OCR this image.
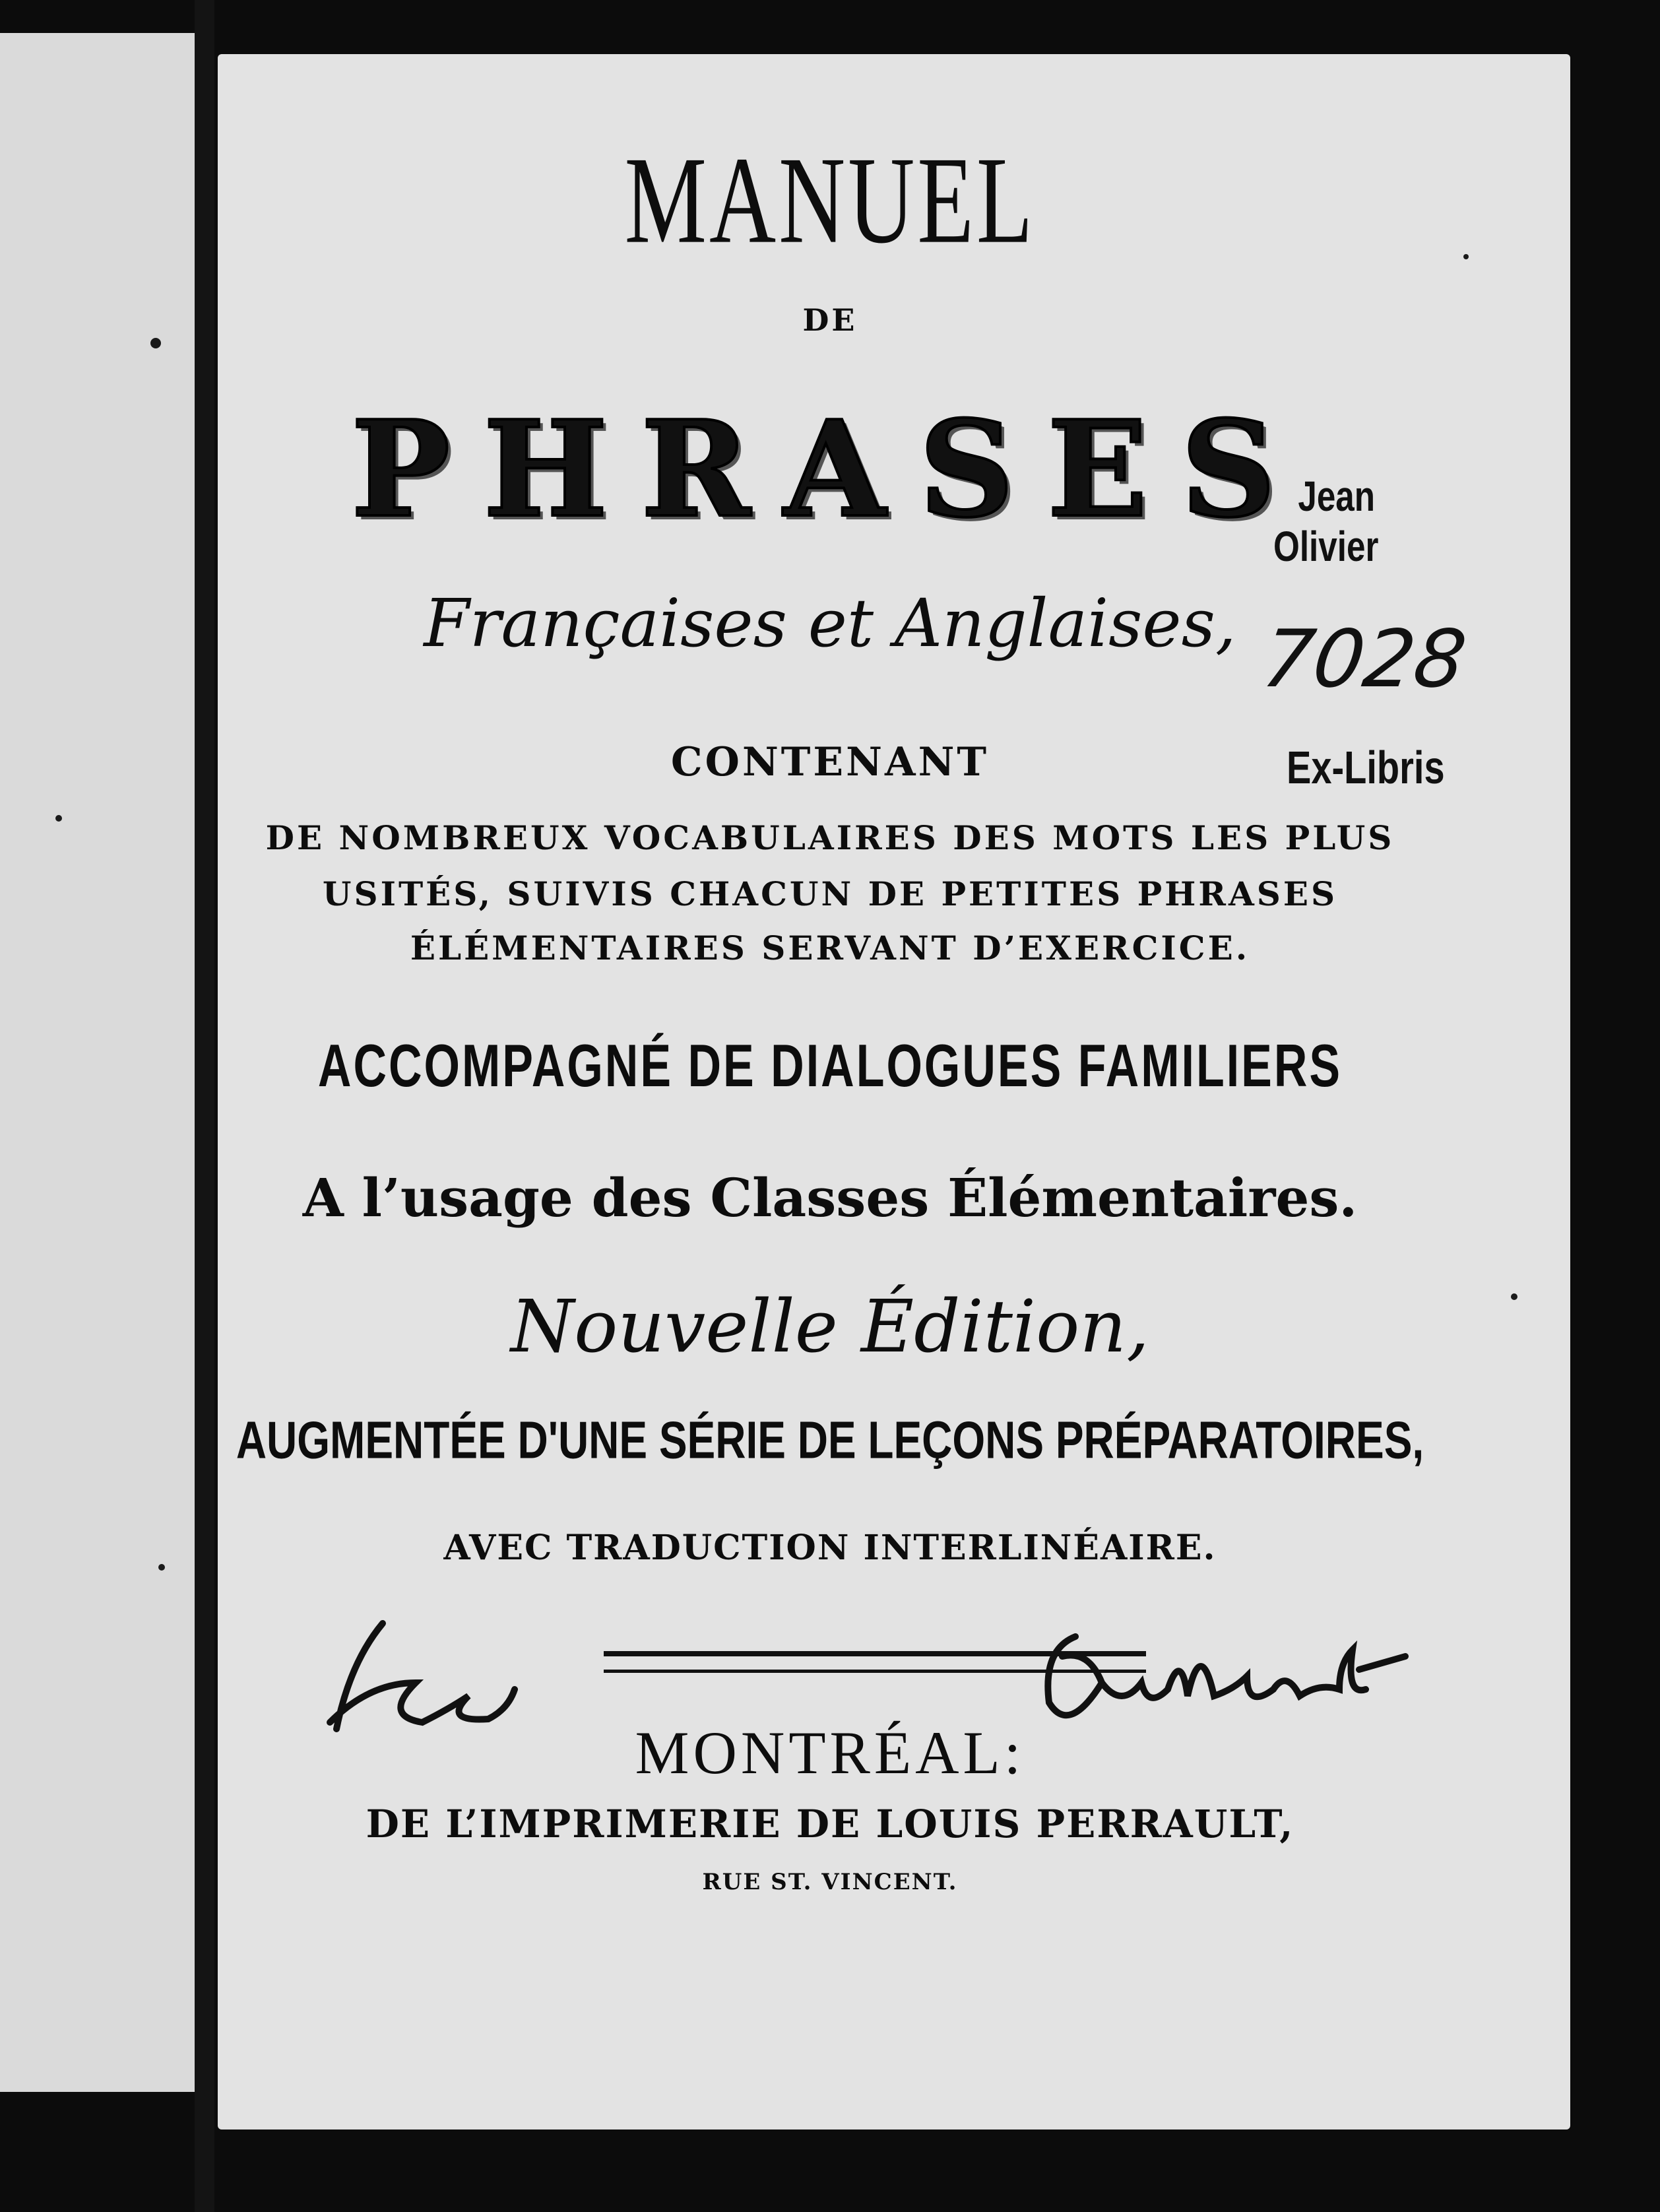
MANUEL
DE
PHRASES
Françaises et Anglaises,
CONTENANT
DE NOMBREUX VOCABULAIRES DES MOTS LES PLUS
USITÉS, SUIVIS CHACUN DE PETITES PHRASES
ÉLÉMENTAIRES SERVANT D’EXERCICE.
ACCOMPAGNÉ DE DIALOGUES FAMILIERS
A l’usage des Classes Élémentaires.
Nouvelle Édition,
AUGMENTÉE D'UNE SÉRIE DE LEÇONS PRÉPARATOIRES,
AVEC TRADUCTION INTERLINÉAIRE.
MONTRÉAL:
DE L’IMPRIMERIE DE LOUIS PERRAULT,
RUE ST. VINCENT.
Jean
Olivier
7028
Ex-Libris
